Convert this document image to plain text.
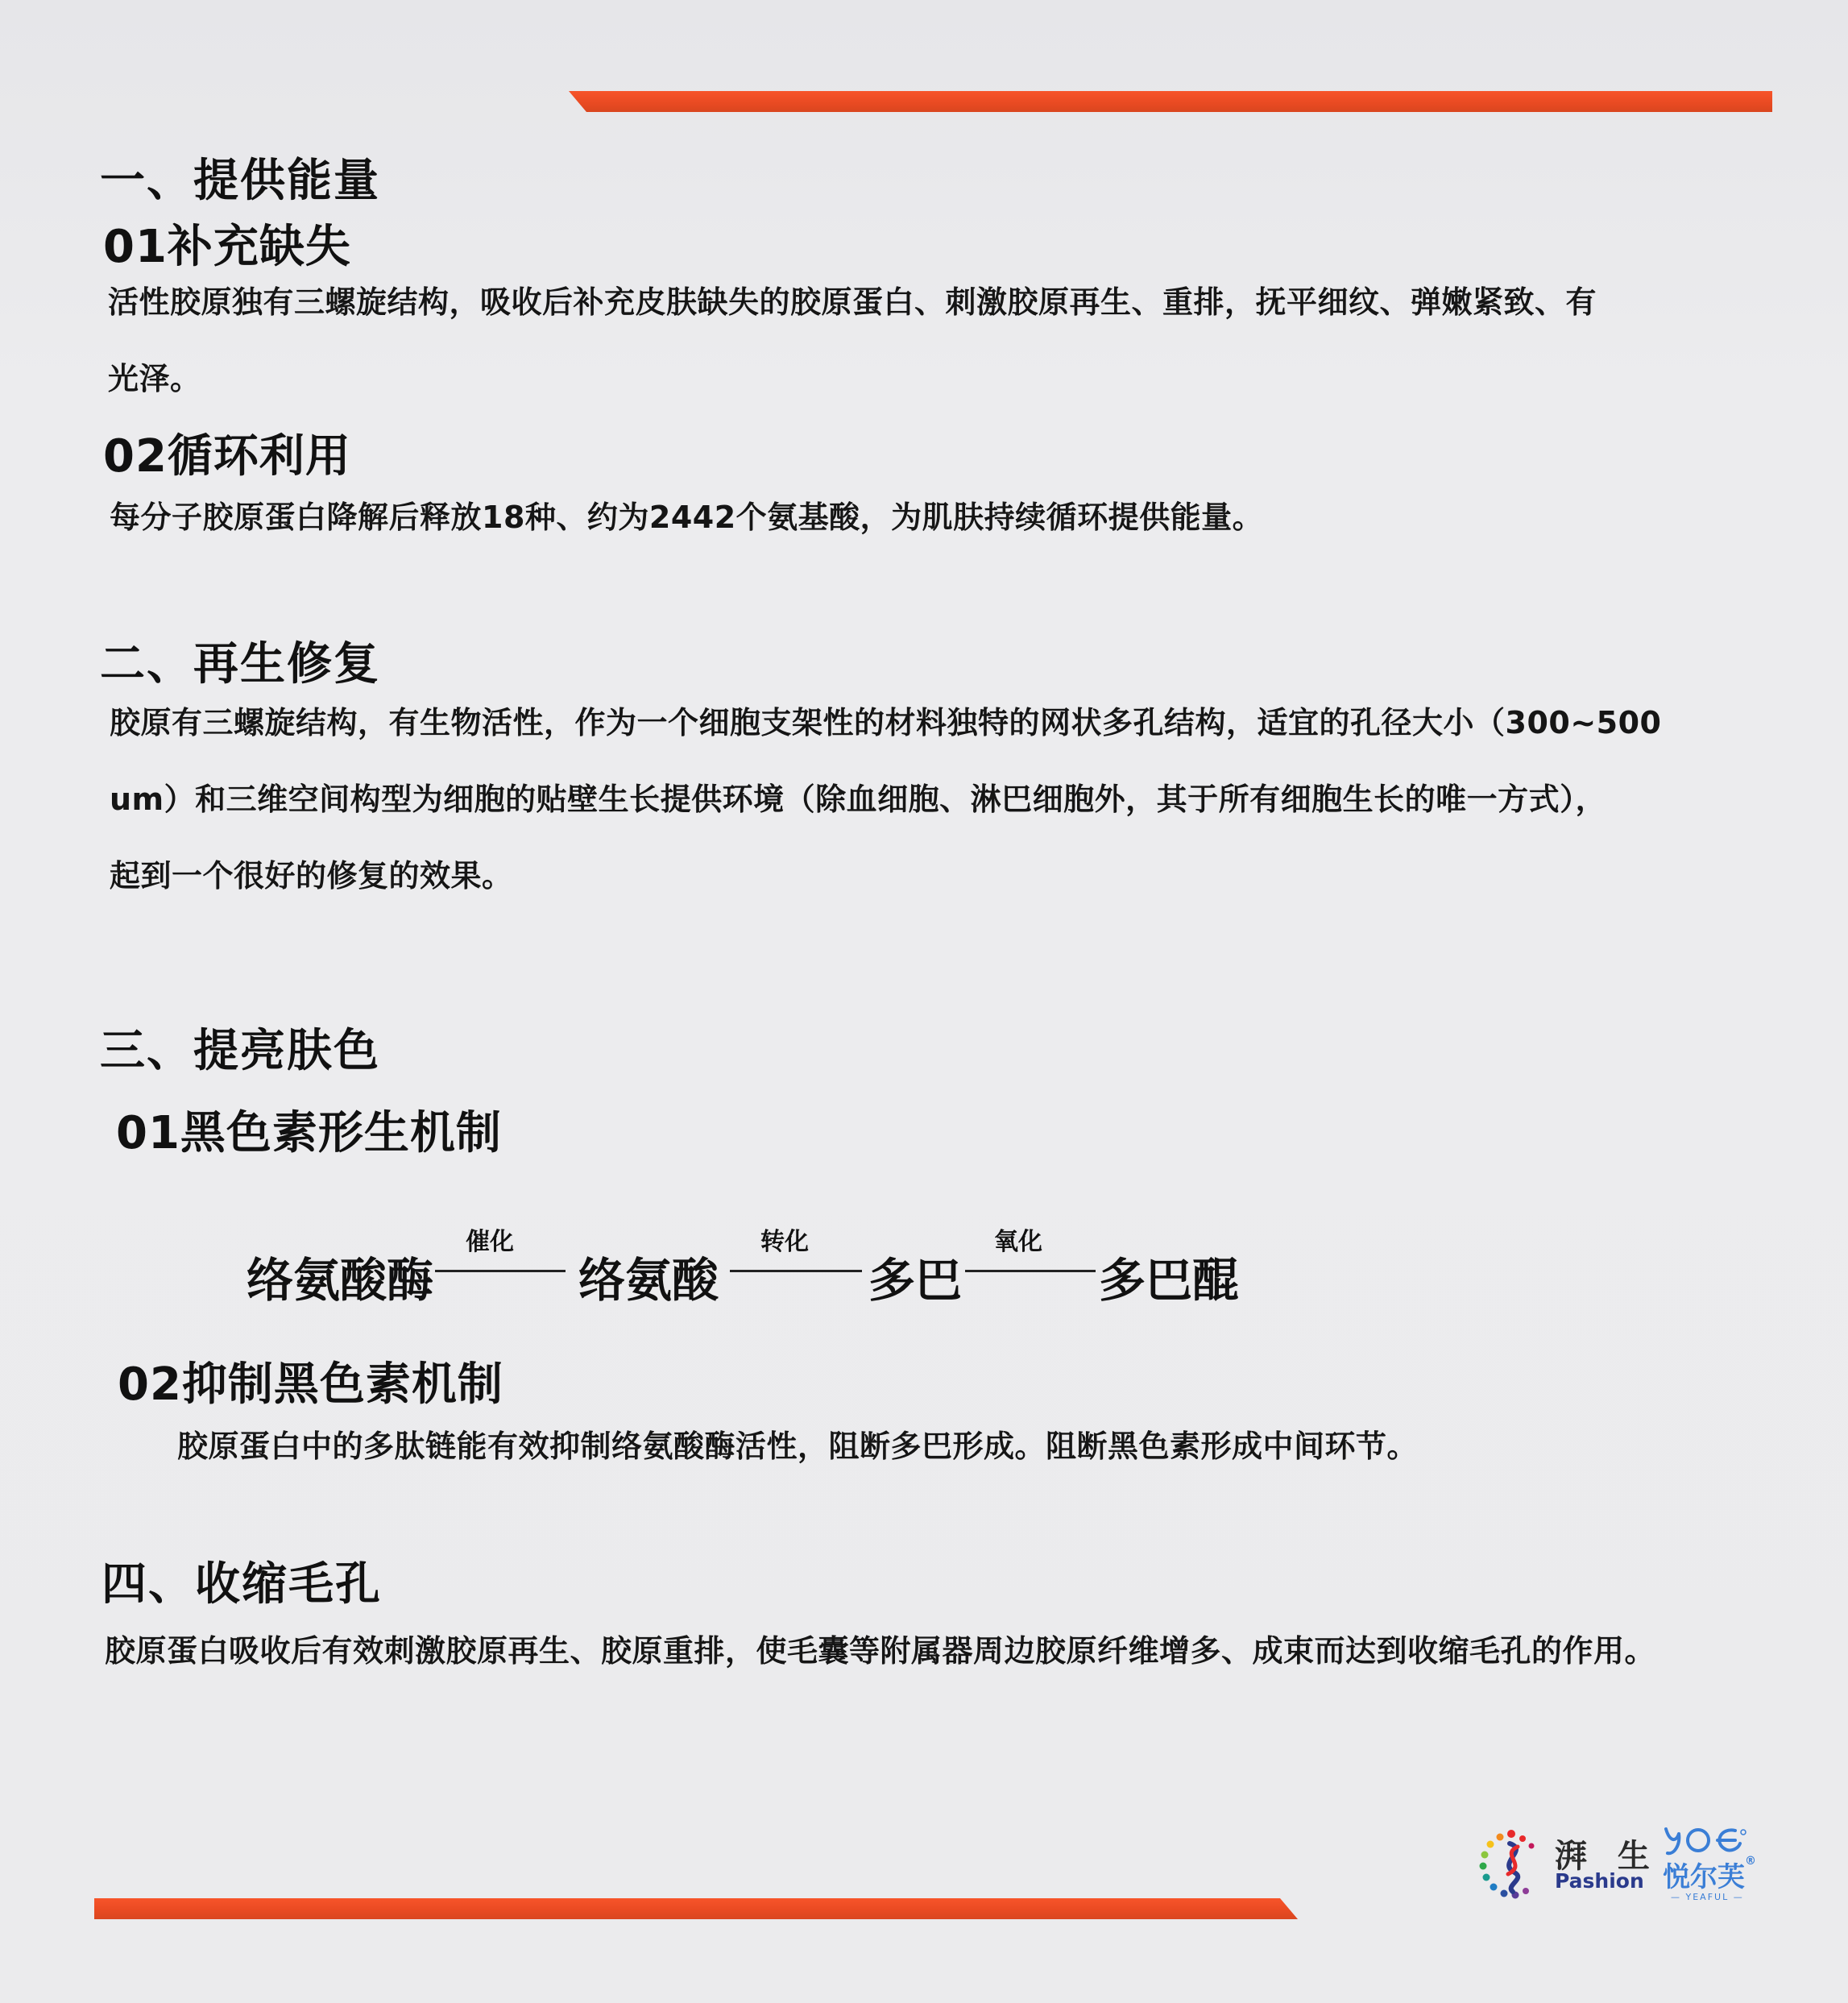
一、提供能量
01补充缺失
活性胶原独有三螺旋结构，吸收后补充皮肤缺失的胶原蛋白、刺激胶原再生、重排，抚平细纹、弹嫩紧致、有
光泽。
02循环利用
每分子胶原蛋白降解后释放18种、约为2442个氨基酸，为肌肤持续循环提供能量。
二、再生修复
胶原有三螺旋结构，有生物活性，作为一个细胞支架性的材料独特的网状多孔结构，适宜的孔径大小（300~500
um）和三维空间构型为细胞的贴壁生长提供环境（除血细胞、淋巴细胞外，其于所有细胞生长的唯一方式），
起到一个很好的修复的效果。
三、提亮肤色
01黑色素形生机制
络氨酸酶
催化
络氨酸
转化
多巴
氧化
多巴醌
02抑制黑色素机制
胶原蛋白中的多肽链能有效抑制络氨酸酶活性，阻断多巴形成。阻断黑色素形成中间环节。
四、收缩毛孔
胶原蛋白吸收后有效刺激胶原再生、胶原重排，使毛囊等附属器周边胶原纤维增多、成束而达到收缩毛孔的作用。
湃 生
Pashion 悦尔芙®
— YEAFUL —
